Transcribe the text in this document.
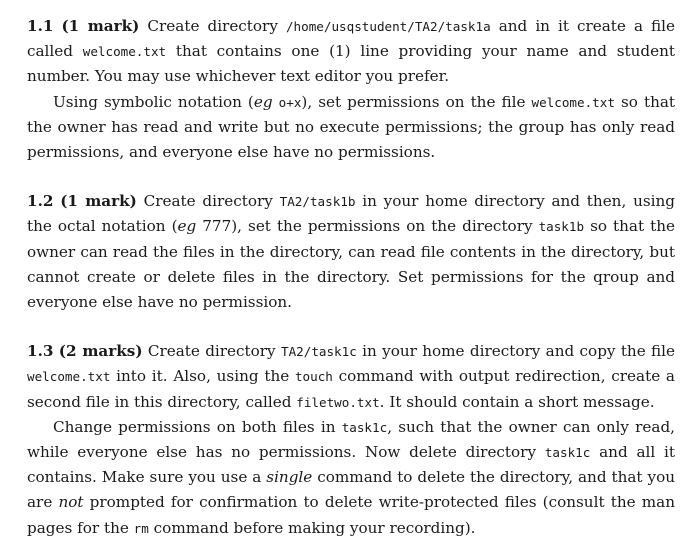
1.1 (1 mark) Create directory /home/usqstudent/TA2/task1a and in it create a file called welcome.txt that contains one (1) line providing your name and student number. You may use whichever text editor you prefer.

Using symbolic notation (eg o+x), set permissions on the file welcome.txt so that the owner has read and write but no execute permissions; the group has only read permissions, and everyone else have no permissions.

1.2 (1 mark) Create directory TA2/task1b in your home directory and then, using the octal notation (eg 777), set the permissions on the directory task1b so that the owner can read the files in the directory, can read file contents in the directory, but cannot create or delete files in the directory. Set permissions for the qroup and everyone else have no permission.

1.3 (2 marks) Create directory TA2/task1c in your home directory and copy the file welcome.txt into it. Also, using the touch command with output redirection, create a second file in this directory, called filetwo.txt. It should contain a short message.

Change permissions on both files in task1c, such that the owner can only read, while everyone else has no permissions. Now delete directory task1c and all it contains. Make sure you use a single command to delete the directory, and that you are not prompted for confirmation to delete write-protected files (consult the man pages for the rm command before making your recording).
